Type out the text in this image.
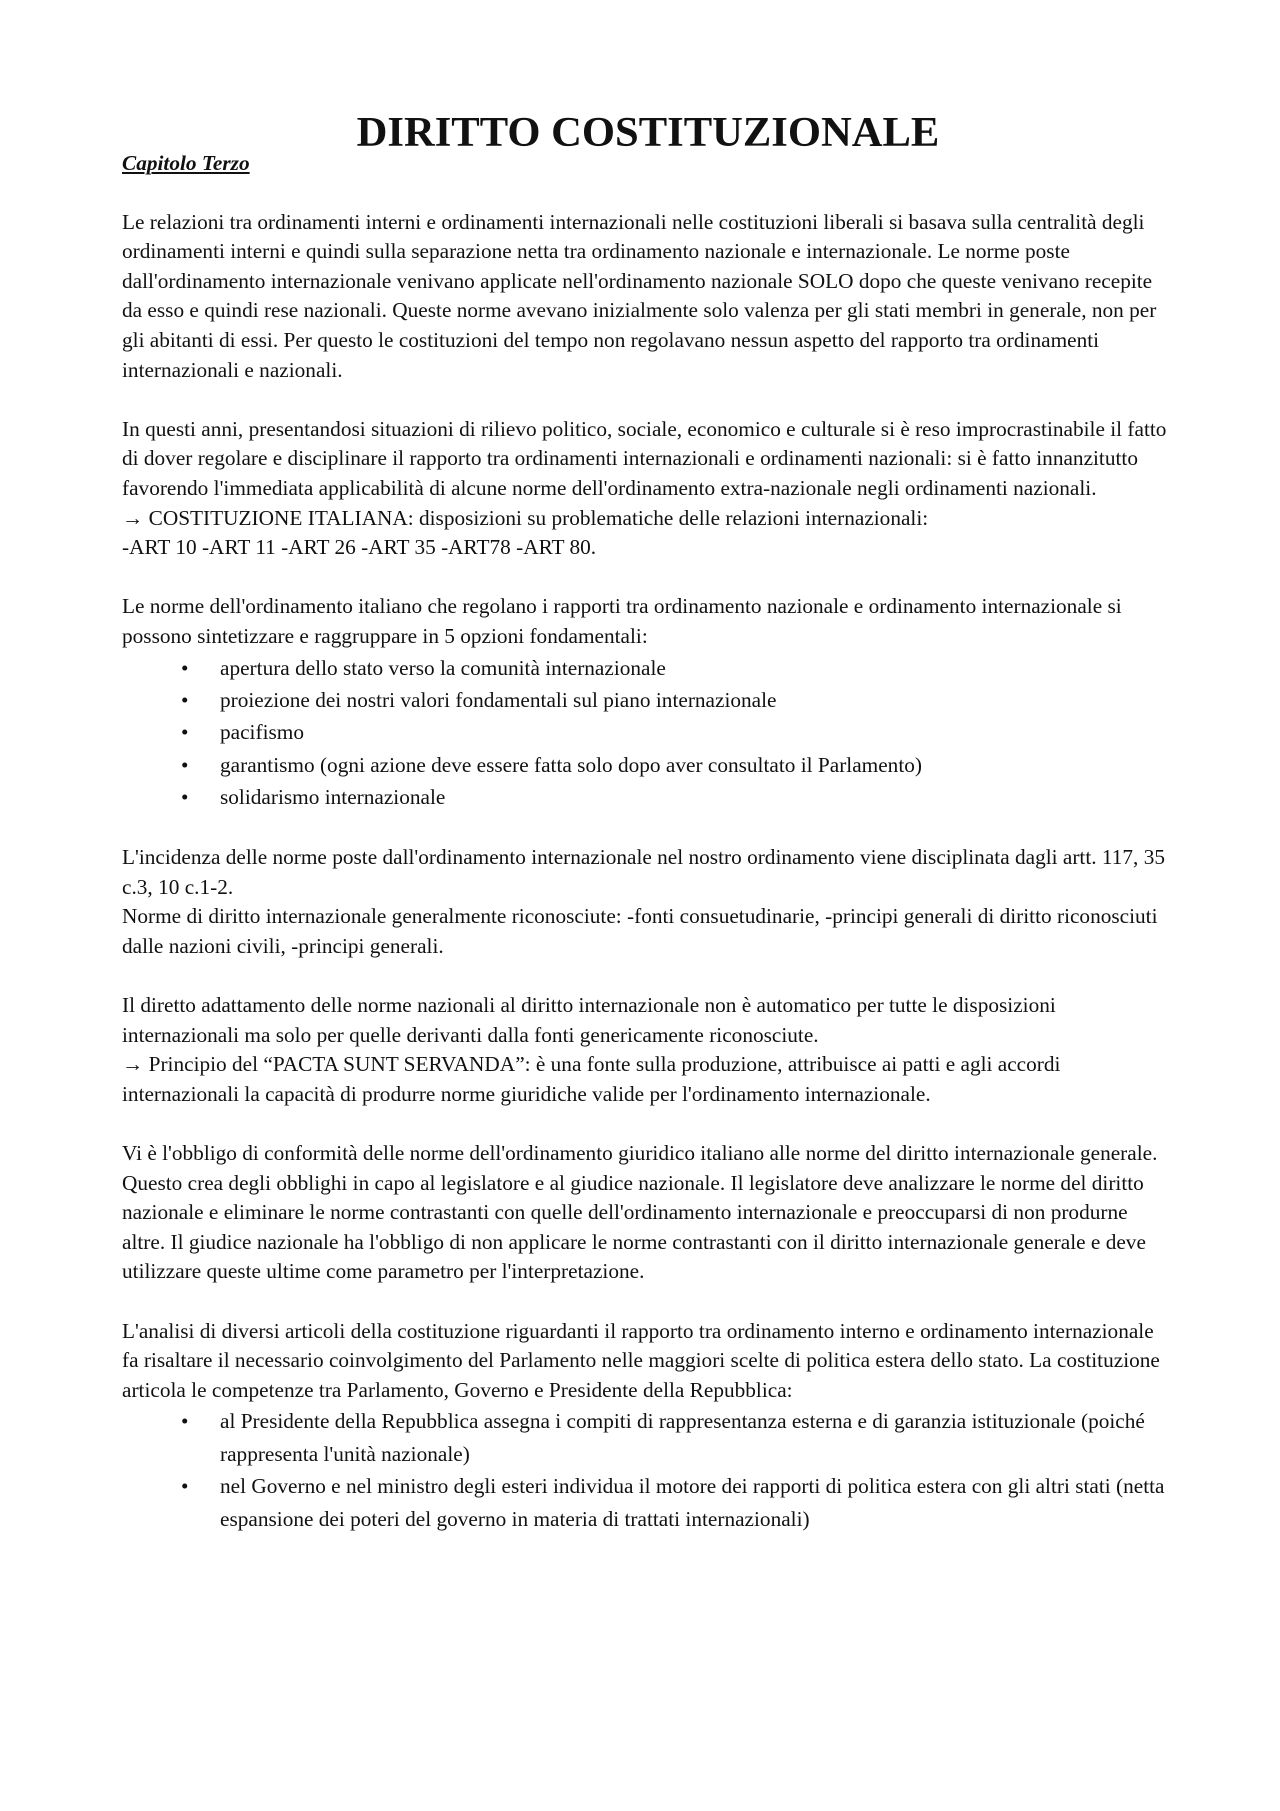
DIRITTO COSTITUZIONALE
Capitolo Terzo

Le relazioni tra ordinamenti interni e ordinamenti internazionali nelle costituzioni liberali si basava sulla centralità degli ordinamenti interni e quindi sulla separazione netta tra ordinamento nazionale e internazionale. Le norme poste dall'ordinamento internazionale venivano applicate nell'ordinamento nazionale SOLO dopo che queste venivano recepite da esso e quindi rese nazionali. Queste norme avevano inizialmente solo valenza per gli stati membri in generale, non per gli abitanti di essi. Per questo le costituzioni del tempo non regolavano nessun aspetto del rapporto tra ordinamenti internazionali e nazionali.

In questi anni, presentandosi situazioni di rilievo politico, sociale, economico e culturale si è reso improcrastinabile il fatto di dover regolare e disciplinare il rapporto tra ordinamenti internazionali e ordinamenti nazionali: si è fatto innanzitutto favorendo l'immediata applicabilità di alcune norme dell'ordinamento extra-nazionale negli ordinamenti nazionali.

→ COSTITUZIONE ITALIANA: disposizioni su problematiche delle relazioni internazionali:

-ART 10 -ART 11 -ART 26 -ART 35 -ART78 -ART 80.

Le norme dell'ordinamento italiano che regolano i rapporti tra ordinamento nazionale e ordinamento internazionale si possono sintetizzare e raggruppare in 5 opzioni fondamentali:

• apertura dello stato verso la comunità internazionale
• proiezione dei nostri valori fondamentali sul piano internazionale
• pacifismo
• garantismo (ogni azione deve essere fatta solo dopo aver consultato il Parlamento)
• solidarismo internazionale

L'incidenza delle norme poste dall'ordinamento internazionale nel nostro ordinamento viene disciplinata dagli artt. 117, 35 c.3, 10 c.1-2.

Norme di diritto internazionale generalmente riconosciute: -fonti consuetudinarie, -principi generali di diritto riconosciuti dalle nazioni civili, -principi generali.

Il diretto adattamento delle norme nazionali al diritto internazionale non è automatico per tutte le disposizioni internazionali ma solo per quelle derivanti dalla fonti genericamente riconosciute.

→ Principio del “PACTA SUNT SERVANDA”: è una fonte sulla produzione, attribuisce ai patti e agli accordi internazionali la capacità di produrre norme giuridiche valide per l'ordinamento internazionale.

Vi è l'obbligo di conformità delle norme dell'ordinamento giuridico italiano alle norme del diritto internazionale generale. Questo crea degli obblighi in capo al legislatore e al giudice nazionale. Il legislatore deve analizzare le norme del diritto nazionale e eliminare le norme contrastanti con quelle dell'ordinamento internazionale e preoccuparsi di non produrne altre. Il giudice nazionale ha l'obbligo di non applicare le norme contrastanti con il diritto internazionale generale e deve utilizzare queste ultime come parametro per l'interpretazione.

L'analisi di diversi articoli della costituzione riguardanti il rapporto tra ordinamento interno e ordinamento internazionale fa risaltare il necessario coinvolgimento del Parlamento nelle maggiori scelte di politica estera dello stato. La costituzione articola le competenze tra Parlamento, Governo e Presidente della Repubblica:

• al Presidente della Repubblica assegna i compiti di rappresentanza esterna e di garanzia istituzionale (poiché rappresenta l'unità nazionale)
• nel Governo e nel ministro degli esteri individua il motore dei rapporti di politica estera con gli altri stati (netta espansione dei poteri del governo in materia di trattati internazionali)
